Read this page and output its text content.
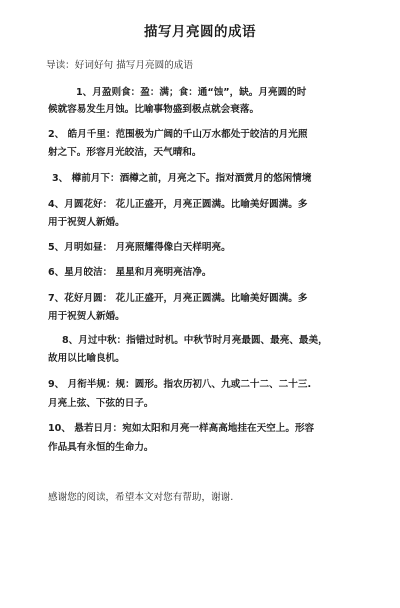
描写月亮圆的成语
导读：好词好句 描写月亮圆的成语
1、月盈则食：盈：满；食：通“蚀”，缺。月亮圆的时
候就容易发生月蚀。比喻事物盛到极点就会衰落。
2、 皓月千里：范围极为广阔的千山万水都处于皎洁的月光照
射之下。形容月光皎洁，天气晴和。
3、 樽前月下：酒樽之前，月亮之下。指对酒赏月的悠闲情境
4、月圆花好： 花儿正盛开，月亮正圆满。比喻美好圆满。多
用于祝贺人新婚。
5、月明如昼： 月亮照耀得像白天样明亮。
6、星月皎洁： 星星和月亮明亮洁净。
7、花好月圆： 花儿正盛开，月亮正圆满。比喻美好圆满。多
用于祝贺人新婚。
8、月过中秋：指错过时机。中秋节时月亮最圆、最亮、最美，
故用以比喻良机。
9、 月衔半规：规：圆形。指农历初八、九或二十二、二十三.
月亮上弦、下弦的日子。
10、 悬若日月：宛如太阳和月亮一样高高地挂在天空上。形容
作品具有永恒的生命力。
感谢您的阅读，希望本文对您有帮助，谢谢.
